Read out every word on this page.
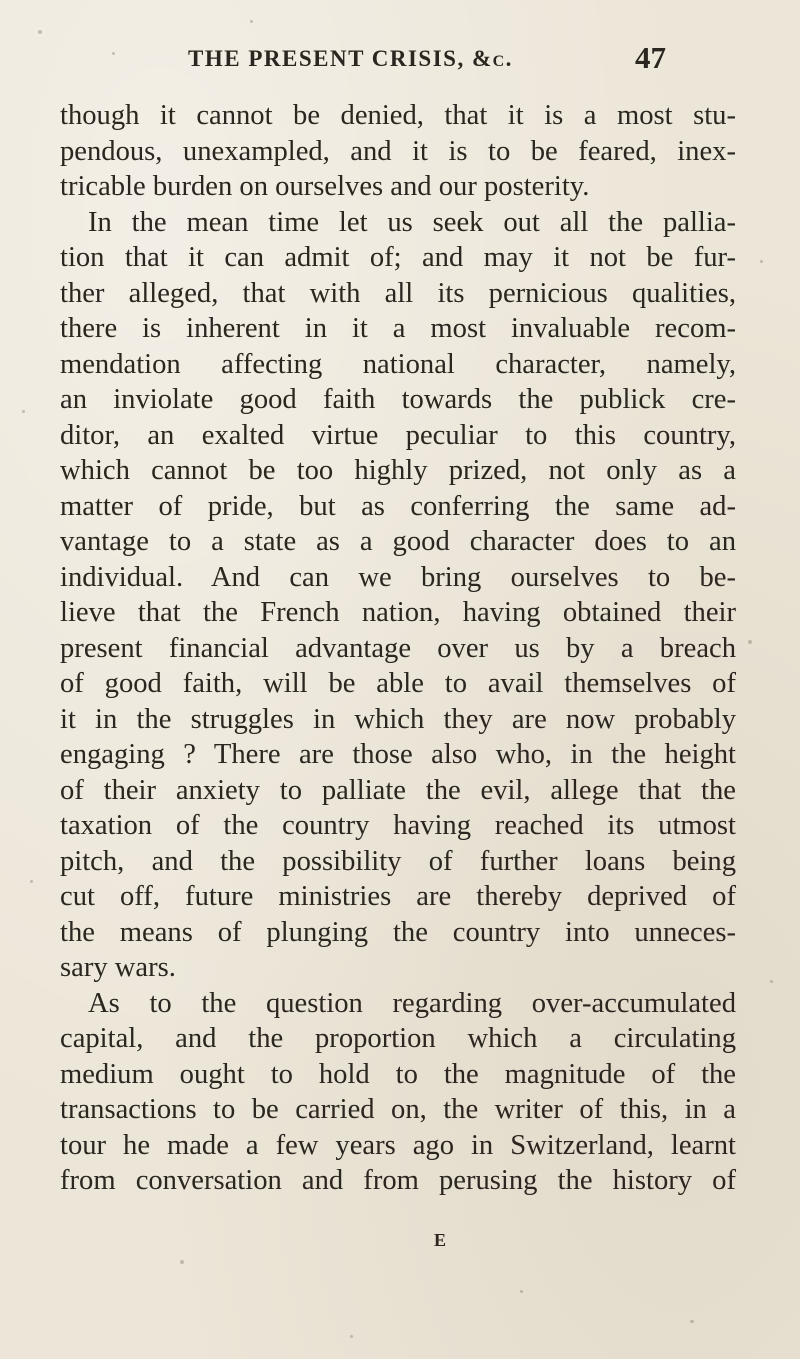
THE PRESENT CRISIS, &c.	47
though it cannot be denied, that it is a most stu-
pendous, unexampled, and it is to be feared, inex-
tricable burden on ourselves and our posterity.
In the mean time let us seek out all the pallia-
tion that it can admit of; and may it not be fur-
ther alleged, that with all its pernicious qualities,
there is inherent in it a most invaluable recom-
mendation affecting national character, namely,
an inviolate good faith towards the publick cre-
ditor, an exalted virtue peculiar to this country,
which cannot be too highly prized, not only as a
matter of pride, but as conferring the same ad-
vantage to a state as a good character does to an
individual. And can we bring ourselves to be-
lieve that the French nation, having obtained their
present financial advantage over us by a breach
of good faith, will be able to avail themselves of
it in the struggles in which they are now probably
engaging ? There are those also who, in the height
of their anxiety to palliate the evil, allege that the
taxation of the country having reached its utmost
pitch, and the possibility of further loans being
cut off, future ministries are thereby deprived of
the means of plunging the country into unneces-
sary wars.
As to the question regarding over-accumulated
capital, and the proportion which a circulating
medium ought to hold to the magnitude of the
transactions to be carried on, the writer of this, in a
tour he made a few years ago in Switzerland, learnt
from conversation and from perusing the history of
E
